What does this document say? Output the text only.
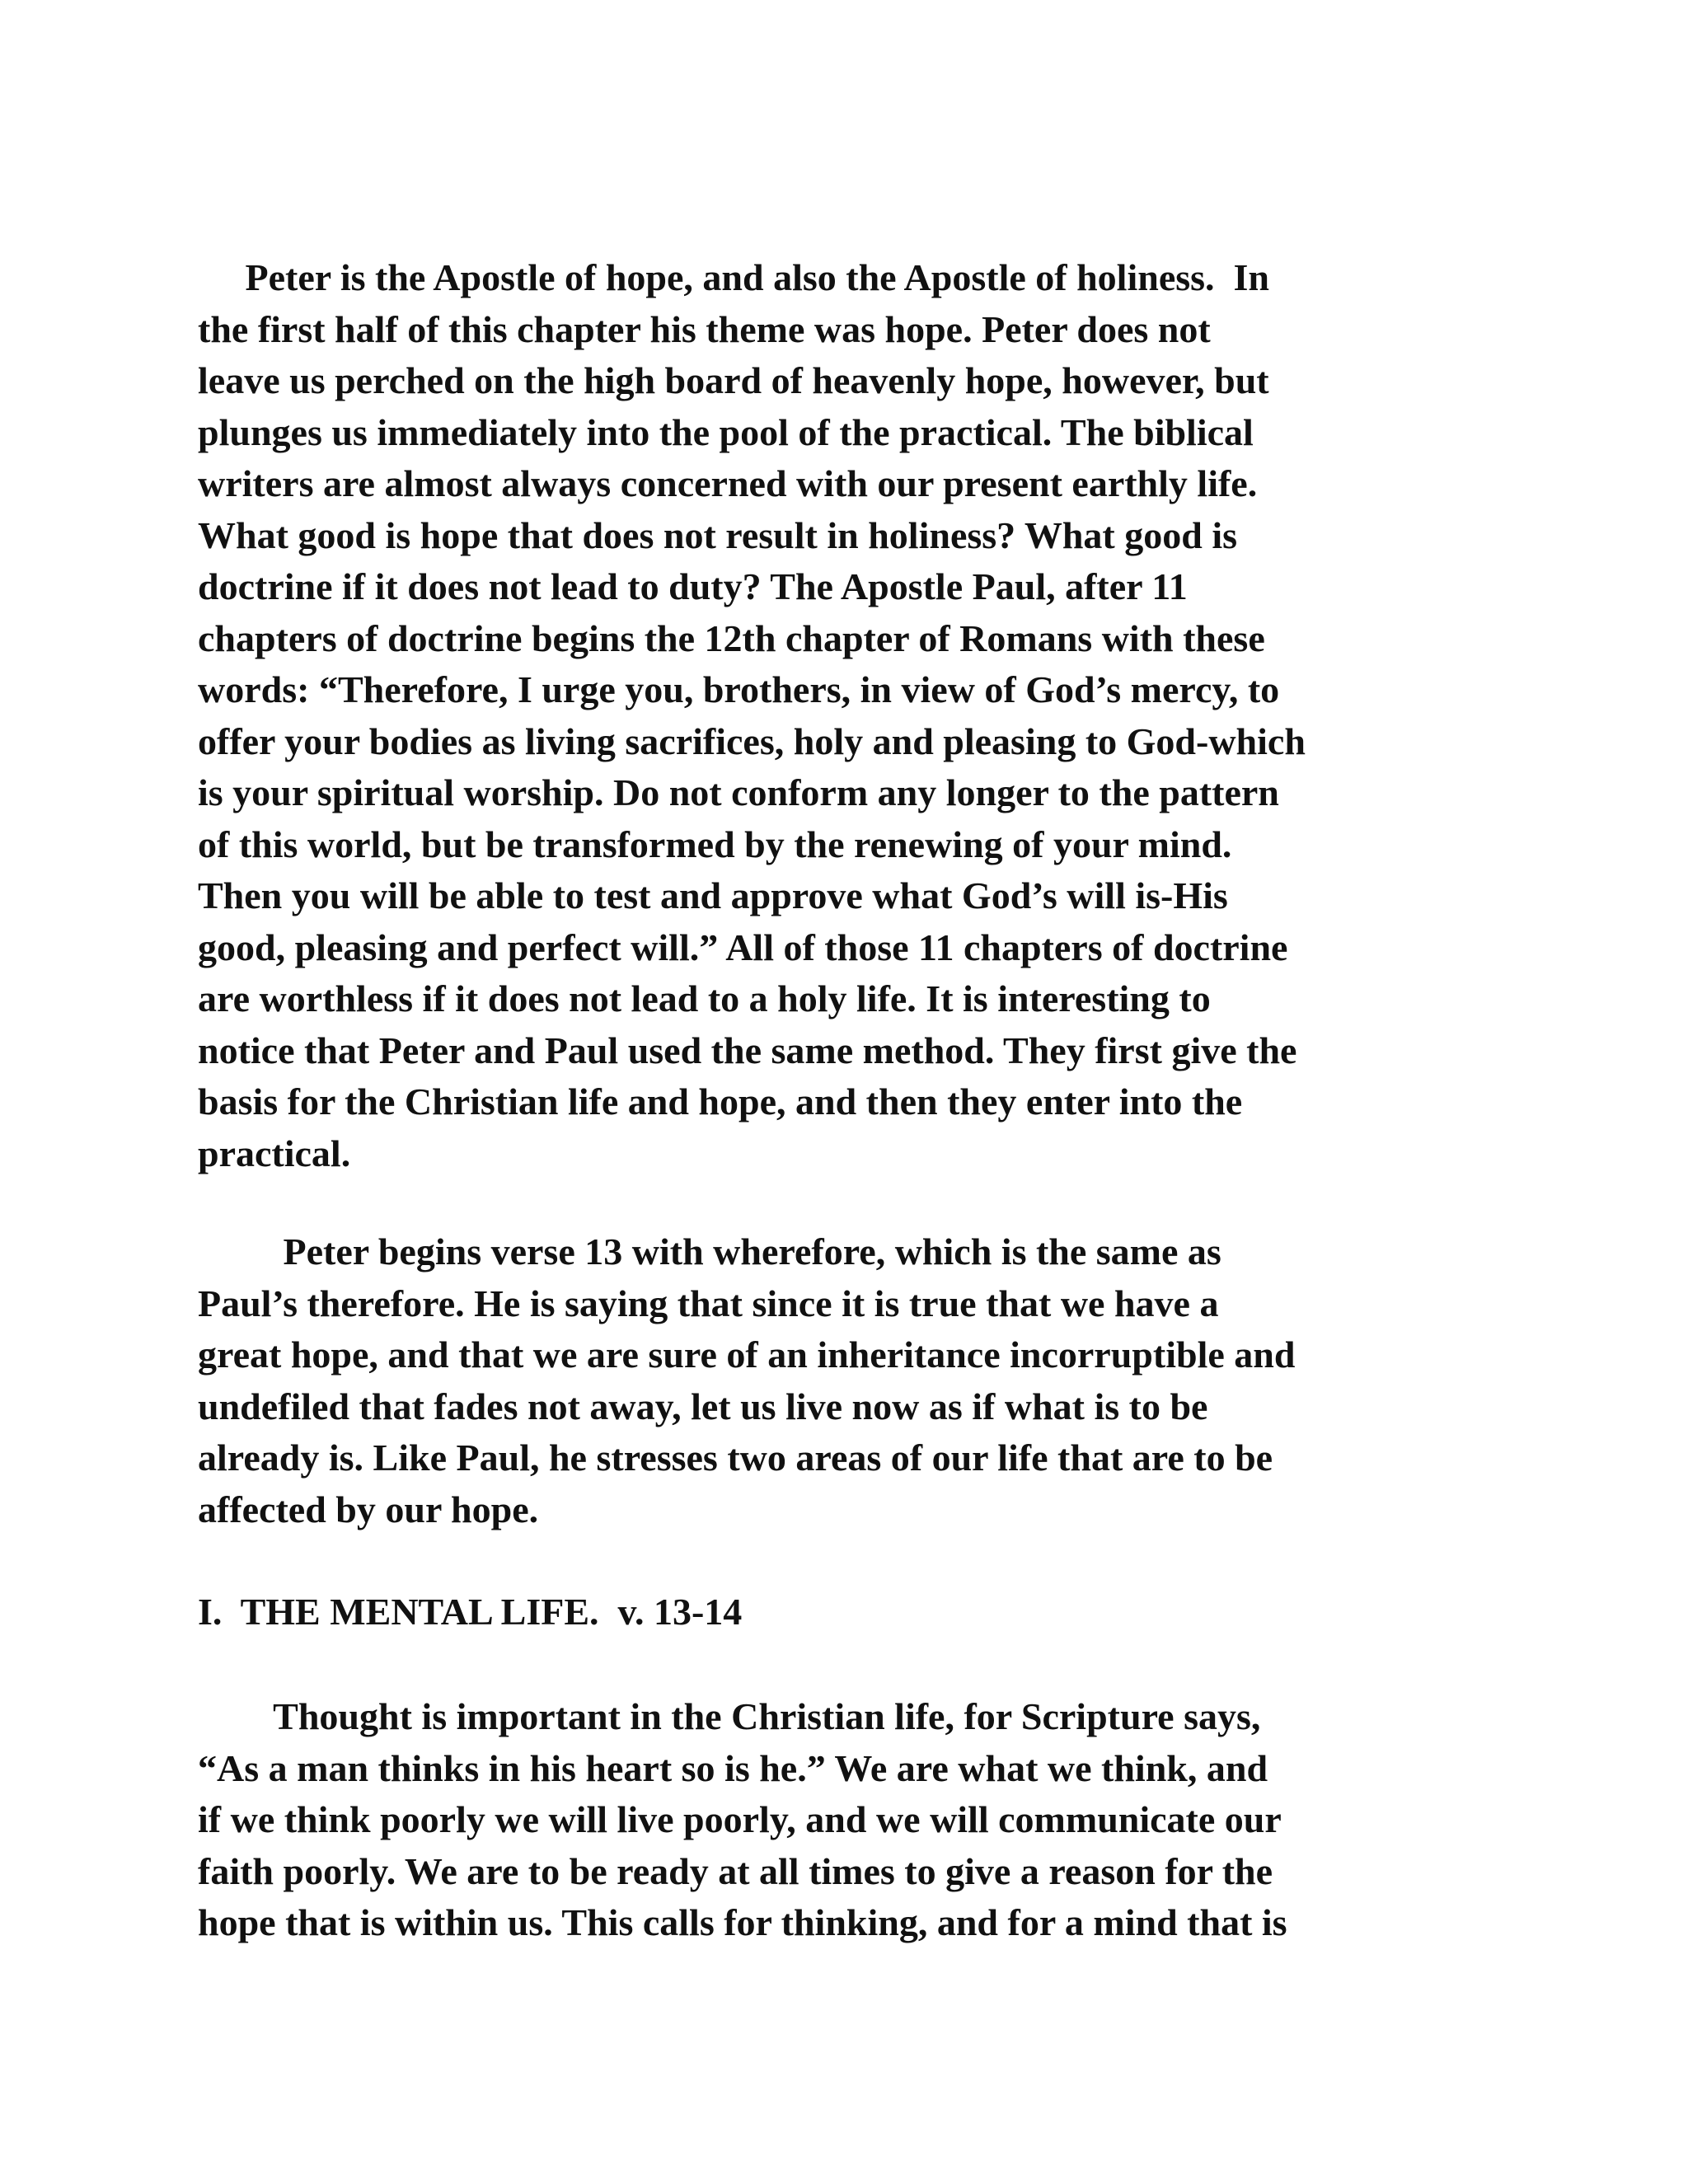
Peter is the Apostle of hope, and also the Apostle of holiness.  In
the first half of this chapter his theme was hope. Peter does not
leave us perched on the high board of heavenly hope, however, but
plunges us immediately into the pool of the practical. The biblical
writers are almost always concerned with our present earthly life.
What good is hope that does not result in holiness? What good is
doctrine if it does not lead to duty? The Apostle Paul, after 11
chapters of doctrine begins the 12th chapter of Romans with these
words: “Therefore, I urge you, brothers, in view of God’s mercy, to
offer your bodies as living sacrifices, holy and pleasing to God-which
is your spiritual worship. Do not conform any longer to the pattern
of this world, but be transformed by the renewing of your mind.
Then you will be able to test and approve what God’s will is-His
good, pleasing and perfect will.” All of those 11 chapters of doctrine
are worthless if it does not lead to a holy life. It is interesting to
notice that Peter and Paul used the same method. They first give the
basis for the Christian life and hope, and then they enter into the
practical.
Peter begins verse 13 with wherefore, which is the same as
Paul’s therefore. He is saying that since it is true that we have a
great hope, and that we are sure of an inheritance incorruptible and
undefiled that fades not away, let us live now as if what is to be
already is. Like Paul, he stresses two areas of our life that are to be
affected by our hope.
I.  THE MENTAL LIFE.  v. 13-14
Thought is important in the Christian life, for Scripture says,
“As a man thinks in his heart so is he.” We are what we think, and
if we think poorly we will live poorly, and we will communicate our
faith poorly. We are to be ready at all times to give a reason for the
hope that is within us. This calls for thinking, and for a mind that is
